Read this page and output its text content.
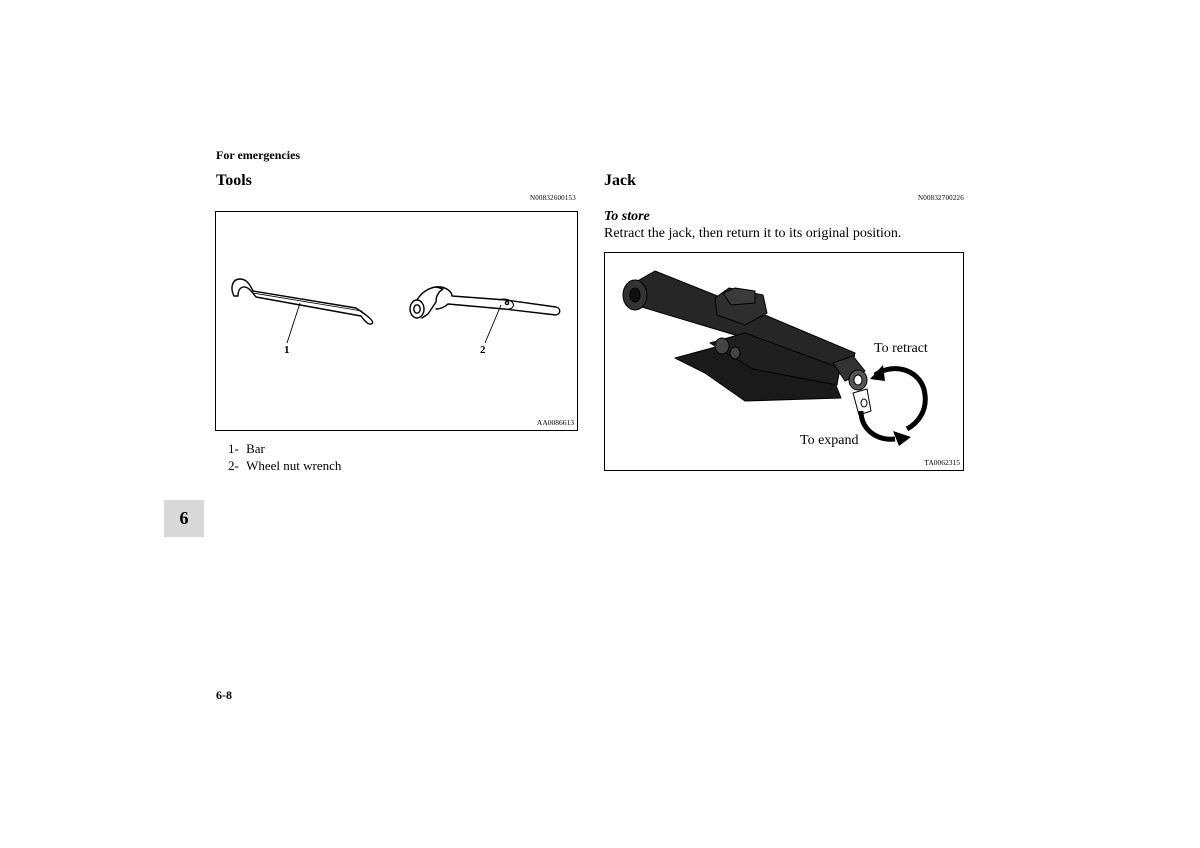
For emergencies
Tools
N00832600153
1	2
AA0086613
1- Bar
2- Wheel nut wrench
Jack
N00832700226
To store
Retract the jack, then return it to its original position.
To retract
To expand
TA0062315
6
6-8
